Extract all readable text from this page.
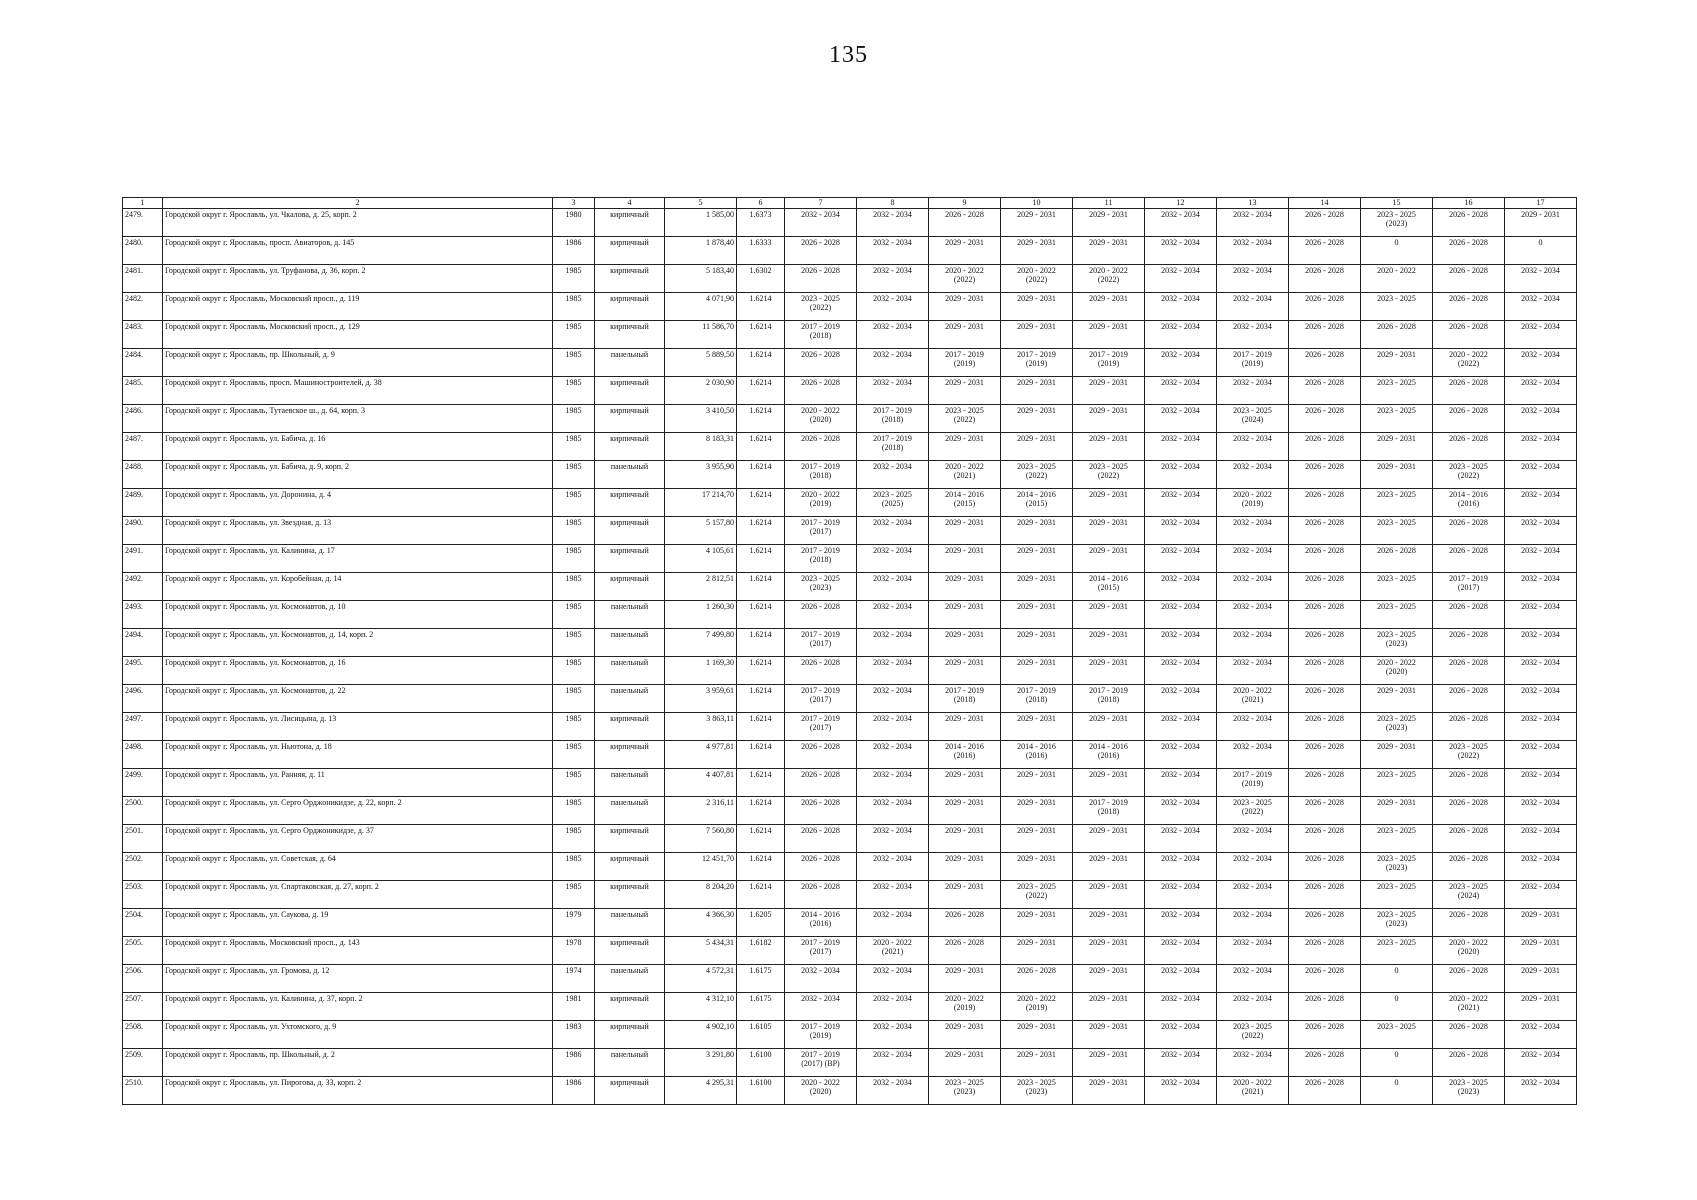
135
1	2	3	4	5	6	7	8	9	10	11	12	13	14	15	16	17
2479.	Городской округ г. Ярославль, ул. Чкалова, д. 25, корп. 2	1980	кирпичный	1 585,00	1.6373	2032 - 2034	2032 - 2034	2026 - 2028	2029 - 2031	2029 - 2031	2032 - 2034	2032 - 2034	2026 - 2028	2023 - 2025
(2023)	2026 - 2028	2029 - 2031
2480.	Городской округ г. Ярославль, просп. Авиаторов, д. 145	1986	кирпичный	1 878,40	1.6333	2026 - 2028	2032 - 2034	2029 - 2031	2029 - 2031	2029 - 2031	2032 - 2034	2032 - 2034	2026 - 2028	0	2026 - 2028	0
2481.	Городской округ г. Ярославль, ул. Труфанова, д. 36, корп. 2	1985	кирпичный	5 183,40	1.6302	2026 - 2028	2032 - 2034	2020 - 2022
(2022)	2020 - 2022
(2022)	2020 - 2022
(2022)	2032 - 2034	2032 - 2034	2026 - 2028	2020 - 2022	2026 - 2028	2032 - 2034
2482.	Городской округ г. Ярославль, Московский просп., д. 119	1985	кирпичный	4 071,90	1.6214	2023 - 2025
(2022)	2032 - 2034	2029 - 2031	2029 - 2031	2029 - 2031	2032 - 2034	2032 - 2034	2026 - 2028	2023 - 2025	2026 - 2028	2032 - 2034
2483.	Городской округ г. Ярославль, Московский просп., д. 129	1985	кирпичный	11 586,70	1.6214	2017 - 2019
(2018)	2032 - 2034	2029 - 2031	2029 - 2031	2029 - 2031	2032 - 2034	2032 - 2034	2026 - 2028	2026 - 2028	2026 - 2028	2032 - 2034
2484.	Городской округ г. Ярославль, пр. Школьный, д. 9	1985	панельный	5 889,50	1.6214	2026 - 2028	2032 - 2034	2017 - 2019
(2019)	2017 - 2019
(2019)	2017 - 2019
(2019)	2032 - 2034	2017 - 2019
(2019)	2026 - 2028	2029 - 2031	2020 - 2022
(2022)	2032 - 2034
2485.	Городской округ г. Ярославль, просп. Машиностроителей, д. 38	1985	кирпичный	2 030,90	1.6214	2026 - 2028	2032 - 2034	2029 - 2031	2029 - 2031	2029 - 2031	2032 - 2034	2032 - 2034	2026 - 2028	2023 - 2025	2026 - 2028	2032 - 2034
2486.	Городской округ г. Ярославль, Тутаевское ш., д. 64, корп. 3	1985	кирпичный	3 410,50	1.6214	2020 - 2022
(2020)	2017 - 2019
(2018)	2023 - 2025
(2022)	2029 - 2031	2029 - 2031	2032 - 2034	2023 - 2025
(2024)	2026 - 2028	2023 - 2025	2026 - 2028	2032 - 2034
2487.	Городской округ г. Ярославль, ул. Бабича, д. 16	1985	кирпичный	8 183,31	1.6214	2026 - 2028	2017 - 2019
(2018)	2029 - 2031	2029 - 2031	2029 - 2031	2032 - 2034	2032 - 2034	2026 - 2028	2029 - 2031	2026 - 2028	2032 - 2034
2488.	Городской округ г. Ярославль, ул. Бабича, д. 9, корп. 2	1985	панельный	3 955,90	1.6214	2017 - 2019
(2018)	2032 - 2034	2020 - 2022
(2021)	2023 - 2025
(2022)	2023 - 2025
(2022)	2032 - 2034	2032 - 2034	2026 - 2028	2029 - 2031	2023 - 2025
(2022)	2032 - 2034
2489.	Городской округ г. Ярославль, ул. Доронина, д. 4	1985	кирпичный	17 214,70	1.6214	2020 - 2022
(2019)	2023 - 2025
(2025)	2014 - 2016
(2015)	2014 - 2016
(2015)	2029 - 2031	2032 - 2034	2020 - 2022
(2019)	2026 - 2028	2023 - 2025	2014 - 2016
(2016)	2032 - 2034
2490.	Городской округ г. Ярославль, ул. Звездная, д. 13	1985	кирпичный	5 157,80	1.6214	2017 - 2019
(2017)	2032 - 2034	2029 - 2031	2029 - 2031	2029 - 2031	2032 - 2034	2032 - 2034	2026 - 2028	2023 - 2025	2026 - 2028	2032 - 2034
2491.	Городской округ г. Ярославль, ул. Калинина, д. 17	1985	кирпичный	4 105,61	1.6214	2017 - 2019
(2018)	2032 - 2034	2029 - 2031	2029 - 2031	2029 - 2031	2032 - 2034	2032 - 2034	2026 - 2028	2026 - 2028	2026 - 2028	2032 - 2034
2492.	Городской округ г. Ярославль, ул. Коробейная, д. 14	1985	кирпичный	2 812,51	1.6214	2023 - 2025
(2023)	2032 - 2034	2029 - 2031	2029 - 2031	2014 - 2016
(2015)	2032 - 2034	2032 - 2034	2026 - 2028	2023 - 2025	2017 - 2019
(2017)	2032 - 2034
2493.	Городской округ г. Ярославль, ул. Космонавтов, д. 10	1985	панельный	1 260,30	1.6214	2026 - 2028	2032 - 2034	2029 - 2031	2029 - 2031	2029 - 2031	2032 - 2034	2032 - 2034	2026 - 2028	2023 - 2025	2026 - 2028	2032 - 2034
2494.	Городской округ г. Ярославль, ул. Космонавтов, д. 14, корп. 2	1985	панельный	7 499,80	1.6214	2017 - 2019
(2017)	2032 - 2034	2029 - 2031	2029 - 2031	2029 - 2031	2032 - 2034	2032 - 2034	2026 - 2028	2023 - 2025
(2023)	2026 - 2028	2032 - 2034
2495.	Городской округ г. Ярославль, ул. Космонавтов, д. 16	1985	панельный	1 169,30	1.6214	2026 - 2028	2032 - 2034	2029 - 2031	2029 - 2031	2029 - 2031	2032 - 2034	2032 - 2034	2026 - 2028	2020 - 2022
(2020)	2026 - 2028	2032 - 2034
2496.	Городской округ г. Ярославль, ул. Космонавтов, д. 22	1985	панельный	3 959,61	1.6214	2017 - 2019
(2017)	2032 - 2034	2017 - 2019
(2018)	2017 - 2019
(2018)	2017 - 2019
(2018)	2032 - 2034	2020 - 2022
(2021)	2026 - 2028	2029 - 2031	2026 - 2028	2032 - 2034
2497.	Городской округ г. Ярославль, ул. Лисицына, д. 13	1985	кирпичный	3 863,11	1.6214	2017 - 2019
(2017)	2032 - 2034	2029 - 2031	2029 - 2031	2029 - 2031	2032 - 2034	2032 - 2034	2026 - 2028	2023 - 2025
(2023)	2026 - 2028	2032 - 2034
2498.	Городской округ г. Ярославль, ул. Ньютона, д. 18	1985	кирпичный	4 977,81	1.6214	2026 - 2028	2032 - 2034	2014 - 2016
(2016)	2014 - 2016
(2016)	2014 - 2016
(2016)	2032 - 2034	2032 - 2034	2026 - 2028	2029 - 2031	2023 - 2025
(2022)	2032 - 2034
2499.	Городской округ г. Ярославль, ул. Ранняя, д. 11	1985	панельный	4 407,81	1.6214	2026 - 2028	2032 - 2034	2029 - 2031	2029 - 2031	2029 - 2031	2032 - 2034	2017 - 2019
(2019)	2026 - 2028	2023 - 2025	2026 - 2028	2032 - 2034
2500.	Городской округ г. Ярославль, ул. Серго Орджоникидзе, д. 22, корп. 2	1985	панельный	2 316,11	1.6214	2026 - 2028	2032 - 2034	2029 - 2031	2029 - 2031	2017 - 2019
(2018)	2032 - 2034	2023 - 2025
(2022)	2026 - 2028	2029 - 2031	2026 - 2028	2032 - 2034
2501.	Городской округ г. Ярославль, ул. Серго Орджоникидзе, д. 37	1985	кирпичный	7 560,80	1.6214	2026 - 2028	2032 - 2034	2029 - 2031	2029 - 2031	2029 - 2031	2032 - 2034	2032 - 2034	2026 - 2028	2023 - 2025	2026 - 2028	2032 - 2034
2502.	Городской округ г. Ярославль, ул. Советская, д. 64	1985	кирпичный	12 451,70	1.6214	2026 - 2028	2032 - 2034	2029 - 2031	2029 - 2031	2029 - 2031	2032 - 2034	2032 - 2034	2026 - 2028	2023 - 2025
(2023)	2026 - 2028	2032 - 2034
2503.	Городской округ г. Ярославль, ул. Спартаковская, д. 27, корп. 2	1985	кирпичный	8 204,20	1.6214	2026 - 2028	2032 - 2034	2029 - 2031	2023 - 2025
(2022)	2029 - 2031	2032 - 2034	2032 - 2034	2026 - 2028	2023 - 2025	2023 - 2025
(2024)	2032 - 2034
2504.	Городской округ г. Ярославль, ул. Саукова, д. 19	1979	панельный	4 366,30	1.6205	2014 - 2016
(2016)	2032 - 2034	2026 - 2028	2029 - 2031	2029 - 2031	2032 - 2034	2032 - 2034	2026 - 2028	2023 - 2025
(2023)	2026 - 2028	2029 - 2031
2505.	Городской округ г. Ярославль, Московский просп., д. 143	1978	кирпичный	5 434,31	1.6182	2017 - 2019
(2017)	2020 - 2022
(2021)	2026 - 2028	2029 - 2031	2029 - 2031	2032 - 2034	2032 - 2034	2026 - 2028	2023 - 2025	2020 - 2022
(2020)	2029 - 2031
2506.	Городской округ г. Ярославль, ул. Громова, д. 12	1974	панельный	4 572,31	1.6175	2032 - 2034	2032 - 2034	2029 - 2031	2026 - 2028	2029 - 2031	2032 - 2034	2032 - 2034	2026 - 2028	0	2026 - 2028	2029 - 2031
2507.	Городской округ г. Ярославль, ул. Калинина, д. 37, корп. 2	1981	кирпичный	4 312,10	1.6175	2032 - 2034	2032 - 2034	2020 - 2022
(2019)	2020 - 2022
(2019)	2029 - 2031	2032 - 2034	2032 - 2034	2026 - 2028	0	2020 - 2022
(2021)	2029 - 2031
2508.	Городской округ г. Ярославль, ул. Ухтомского, д. 9	1983	кирпичный	4 902,10	1.6105	2017 - 2019
(2019)	2032 - 2034	2029 - 2031	2029 - 2031	2029 - 2031	2032 - 2034	2023 - 2025
(2022)	2026 - 2028	2023 - 2025	2026 - 2028	2032 - 2034
2509.	Городской округ г. Ярославль, пр. Школьный, д. 2	1986	панельный	3 291,80	1.6100	2017 - 2019
(2017) (ВР)	2032 - 2034	2029 - 2031	2029 - 2031	2029 - 2031	2032 - 2034	2032 - 2034	2026 - 2028	0	2026 - 2028	2032 - 2034
2510.	Городской округ г. Ярославль, ул. Пирогова, д. 33, корп. 2	1986	кирпичный	4 295,31	1.6100	2020 - 2022
(2020)	2032 - 2034	2023 - 2025
(2023)	2023 - 2025
(2023)	2029 - 2031	2032 - 2034	2020 - 2022
(2021)	2026 - 2028	0	2023 - 2025
(2023)	2032 - 2034
